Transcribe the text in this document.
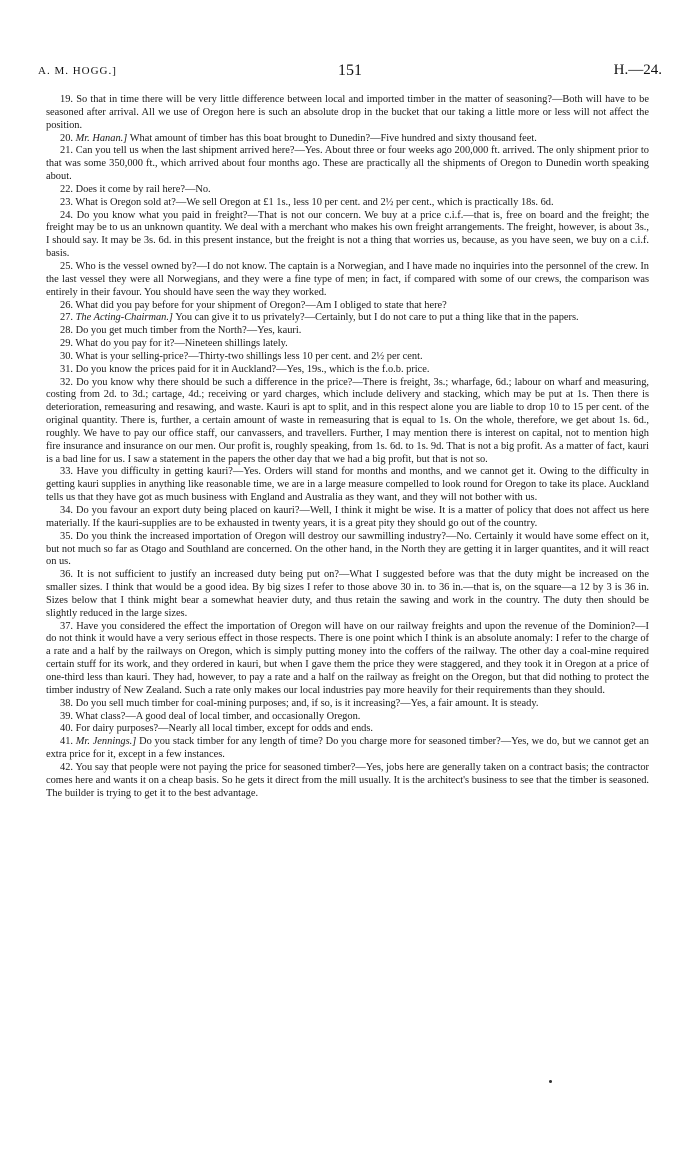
A. M. HOGG.]	151	H.—24.

19. So that in time there will be very little difference between local and imported timber in the matter of seasoning?—Both will have to be seasoned after arrival. All we use of Oregon here is such an absolute drop in the bucket that our taking a little more or less will not affect the position.

20. Mr. Hanan.] What amount of timber has this boat brought to Dunedin?—Five hundred and sixty thousand feet.

21. Can you tell us when the last shipment arrived here?—Yes. About three or four weeks ago 200,000 ft. arrived. The only shipment prior to that was some 350,000 ft., which arrived about four months ago. These are practically all the shipments of Oregon to Dunedin worth speaking about.

22. Does it come by rail here?—No.

23. What is Oregon sold at?—We sell Oregon at £1 1s., less 10 per cent. and 2½ per cent., which is practically 18s. 6d.

24. Do you know what you paid in freight?—That is not our concern. We buy at a price c.i.f.—that is, free on board and the freight; the freight may be to us an unknown quantity. We deal with a merchant who makes his own freight arrangements. The freight, however, is about 3s., I should say. It may be 3s. 6d. in this present instance, but the freight is not a thing that worries us, because, as you have seen, we buy on a c.i.f. basis.

25. Who is the vessel owned by?—I do not know. The captain is a Norwegian, and I have made no inquiries into the personnel of the crew. In the last vessel they were all Norwegians, and they were a fine type of men; in fact, if compared with some of our crews, the comparison was entirely in their favour. You should have seen the way they worked.

26. What did you pay before for your shipment of Oregon?—Am I obliged to state that here?

27. The Acting-Chairman.] You can give it to us privately?—Certainly, but I do not care to put a thing like that in the papers.

28. Do you get much timber from the North?—Yes, kauri.

29. What do you pay for it?—Nineteen shillings lately.

30. What is your selling-price?—Thirty-two shillings less 10 per cent. and 2½ per cent.

31. Do you know the prices paid for it in Auckland?—Yes, 19s., which is the f.o.b. price.

32. Do you know why there should be such a difference in the price?—There is freight, 3s.; wharfage, 6d.; labour on wharf and measuring, costing from 2d. to 3d.; cartage, 4d.; receiving or yard charges, which include delivery and stacking, which may be put at 1s. Then there is deterioration, remeasuring and resawing, and waste. Kauri is apt to split, and in this respect alone you are liable to drop 10 to 15 per cent. of the original quantity. There is, further, a certain amount of waste in remeasuring that is equal to 1s. On the whole, therefore, we get about 1s. 6d., roughly. We have to pay our office staff, our canvassers, and travellers. Further, I may mention there is interest on capital, not to mention high fire insurance and insurance on our men. Our profit is, roughly speaking, from 1s. 6d. to 1s. 9d. That is not a big profit. As a matter of fact, kauri is a bad line for us. I saw a statement in the papers the other day that we had a big profit, but that is not so.

33. Have you difficulty in getting kauri?—Yes. Orders will stand for months and months, and we cannot get it. Owing to the difficulty in getting kauri supplies in anything like reasonable time, we are in a large measure compelled to look round for Oregon to take its place. Auckland tells us that they have got as much business with England and Australia as they want, and they will not bother with us.

34. Do you favour an export duty being placed on kauri?—Well, I think it might be wise. It is a matter of policy that does not affect us here materially. If the kauri-supplies are to be exhausted in twenty years, it is a great pity they should go out of the country.

35. Do you think the increased importation of Oregon will destroy our sawmilling industry?—No. Certainly it would have some effect on it, but not much so far as Otago and Southland are concerned. On the other hand, in the North they are getting it in larger quantites, and it will react on us.

36. It is not sufficient to justify an increased duty being put on?—What I suggested before was that the duty might be increased on the smaller sizes. I think that would be a good idea. By big sizes I refer to those above 30 in. to 36 in.—that is, on the square—a 12 by 3 is 36 in. Sizes below that I think might bear a somewhat heavier duty, and thus retain the sawing and work in the country. The duty then should be slightly reduced in the large sizes.

37. Have you considered the effect the importation of Oregon will have on our railway freights and upon the revenue of the Dominion?—I do not think it would have a very serious effect in those respects. There is one point which I think is an absolute anomaly: I refer to the charge of a rate and a half by the railways on Oregon, which is simply putting money into the coffers of the railway. The other day a coal-mine required certain stuff for its work, and they ordered in kauri, but when I gave them the price they were staggered, and they took it in Oregon at a price of one-third less than kauri. They had, however, to pay a rate and a half on the railway as freight on the Oregon, but that did nothing to protect the timber industry of New Zealand. Such a rate only makes our local industries pay more heavily for their requirements than they should.

38. Do you sell much timber for coal-mining purposes; and, if so, is it increasing?—Yes, a fair amount. It is steady.

39. What class?—A good deal of local timber, and occasionally Oregon.

40. For dairy purposes?—Nearly all local timber, except for odds and ends.

41. Mr. Jennings.] Do you stack timber for any length of time? Do you charge more for seasoned timber?—Yes, we do, but we cannot get an extra price for it, except in a few instances.

42. You say that people were not paying the price for seasoned timber?—Yes, jobs here are generally taken on a contract basis; the contractor comes here and wants it on a cheap basis. So he gets it direct from the mill usually. It is the architect's business to see that the timber is seasoned. The builder is trying to get it to the best advantage.
